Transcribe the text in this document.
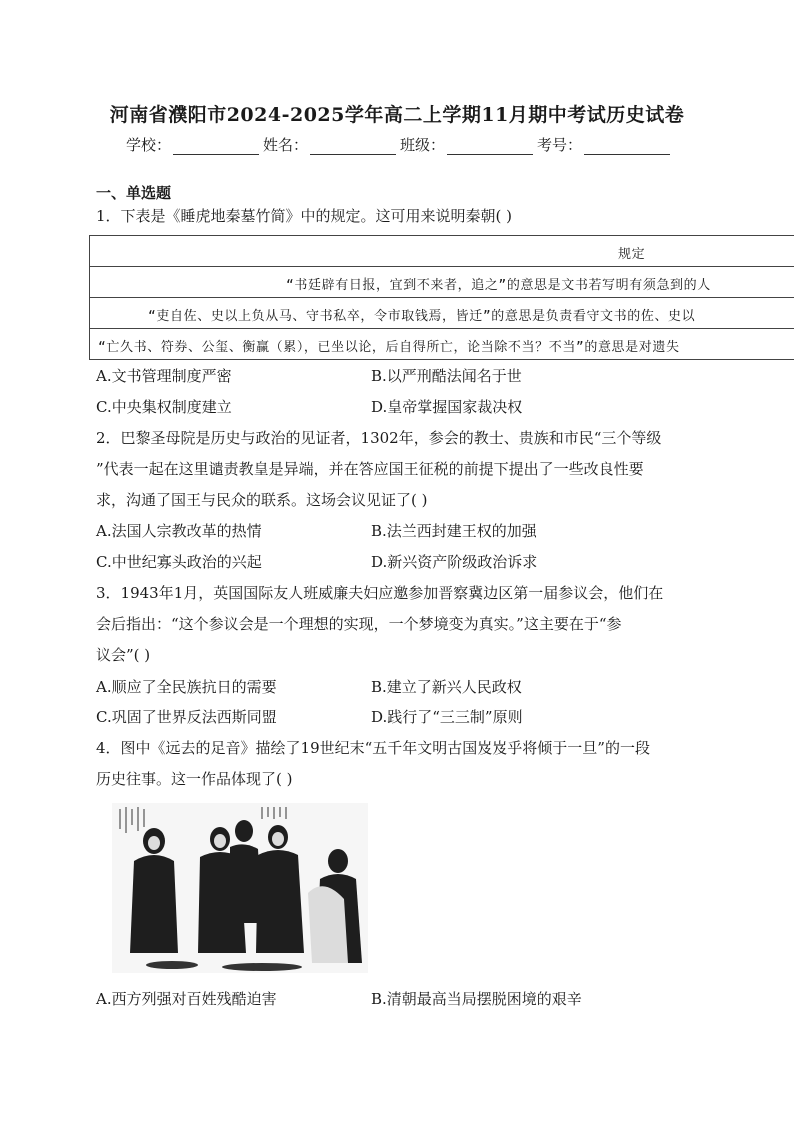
河南省濮阳市2024-2025学年高二上学期11月期中考试历史试卷
学校：	姓名：	班级：	考号：
一、单选题
1．下表是《睡虎地秦墓竹简》中的规定。这可用来说明秦朝( )
规定
“书廷辟有日报，宜到不来者，追之”的意思是文书若写明有须急到的人
“吏自佐、史以上负从马、守书私卒，令市取钱焉，皆迁”的意思是负责看守文书的佐、史以
“亡久书、符券、公玺、衡赢（累），已坐以论，后自得所亡，论当除不当？不当”的意思是对遗失
A.文书管理制度严密	B.以严刑酷法闻名于世
C.中央集权制度建立	D.皇帝掌握国家裁决权
2．巴黎圣母院是历史与政治的见证者，1302年，参会的教士、贵族和市民“三个等级
”代表一起在这里谴责教皇是异端，并在答应国王征税的前提下提出了一些改良性要
求，沟通了国王与民众的联系。这场会议见证了( )
A.法国人宗教改革的热情	B.法兰西封建王权的加强
C.中世纪寡头政治的兴起	D.新兴资产阶级政治诉求
3．1943年1月，英国国际友人班威廉夫妇应邀参加晋察冀边区第一届参议会，他们在
会后指出：“这个参议会是一个理想的实现，一个梦境变为真实。”这主要在于“参
议会”( )
A.顺应了全民族抗日的需要	B.建立了新兴人民政权
C.巩固了世界反法西斯同盟	D.践行了“三三制”原则
4．图中《远去的足音》描绘了19世纪末“五千年文明古国岌岌乎将倾于一旦”的一段
历史往事。这一作品体现了( )
A.西方列强对百姓残酷迫害	B.清朝最高当局摆脱困境的艰辛
